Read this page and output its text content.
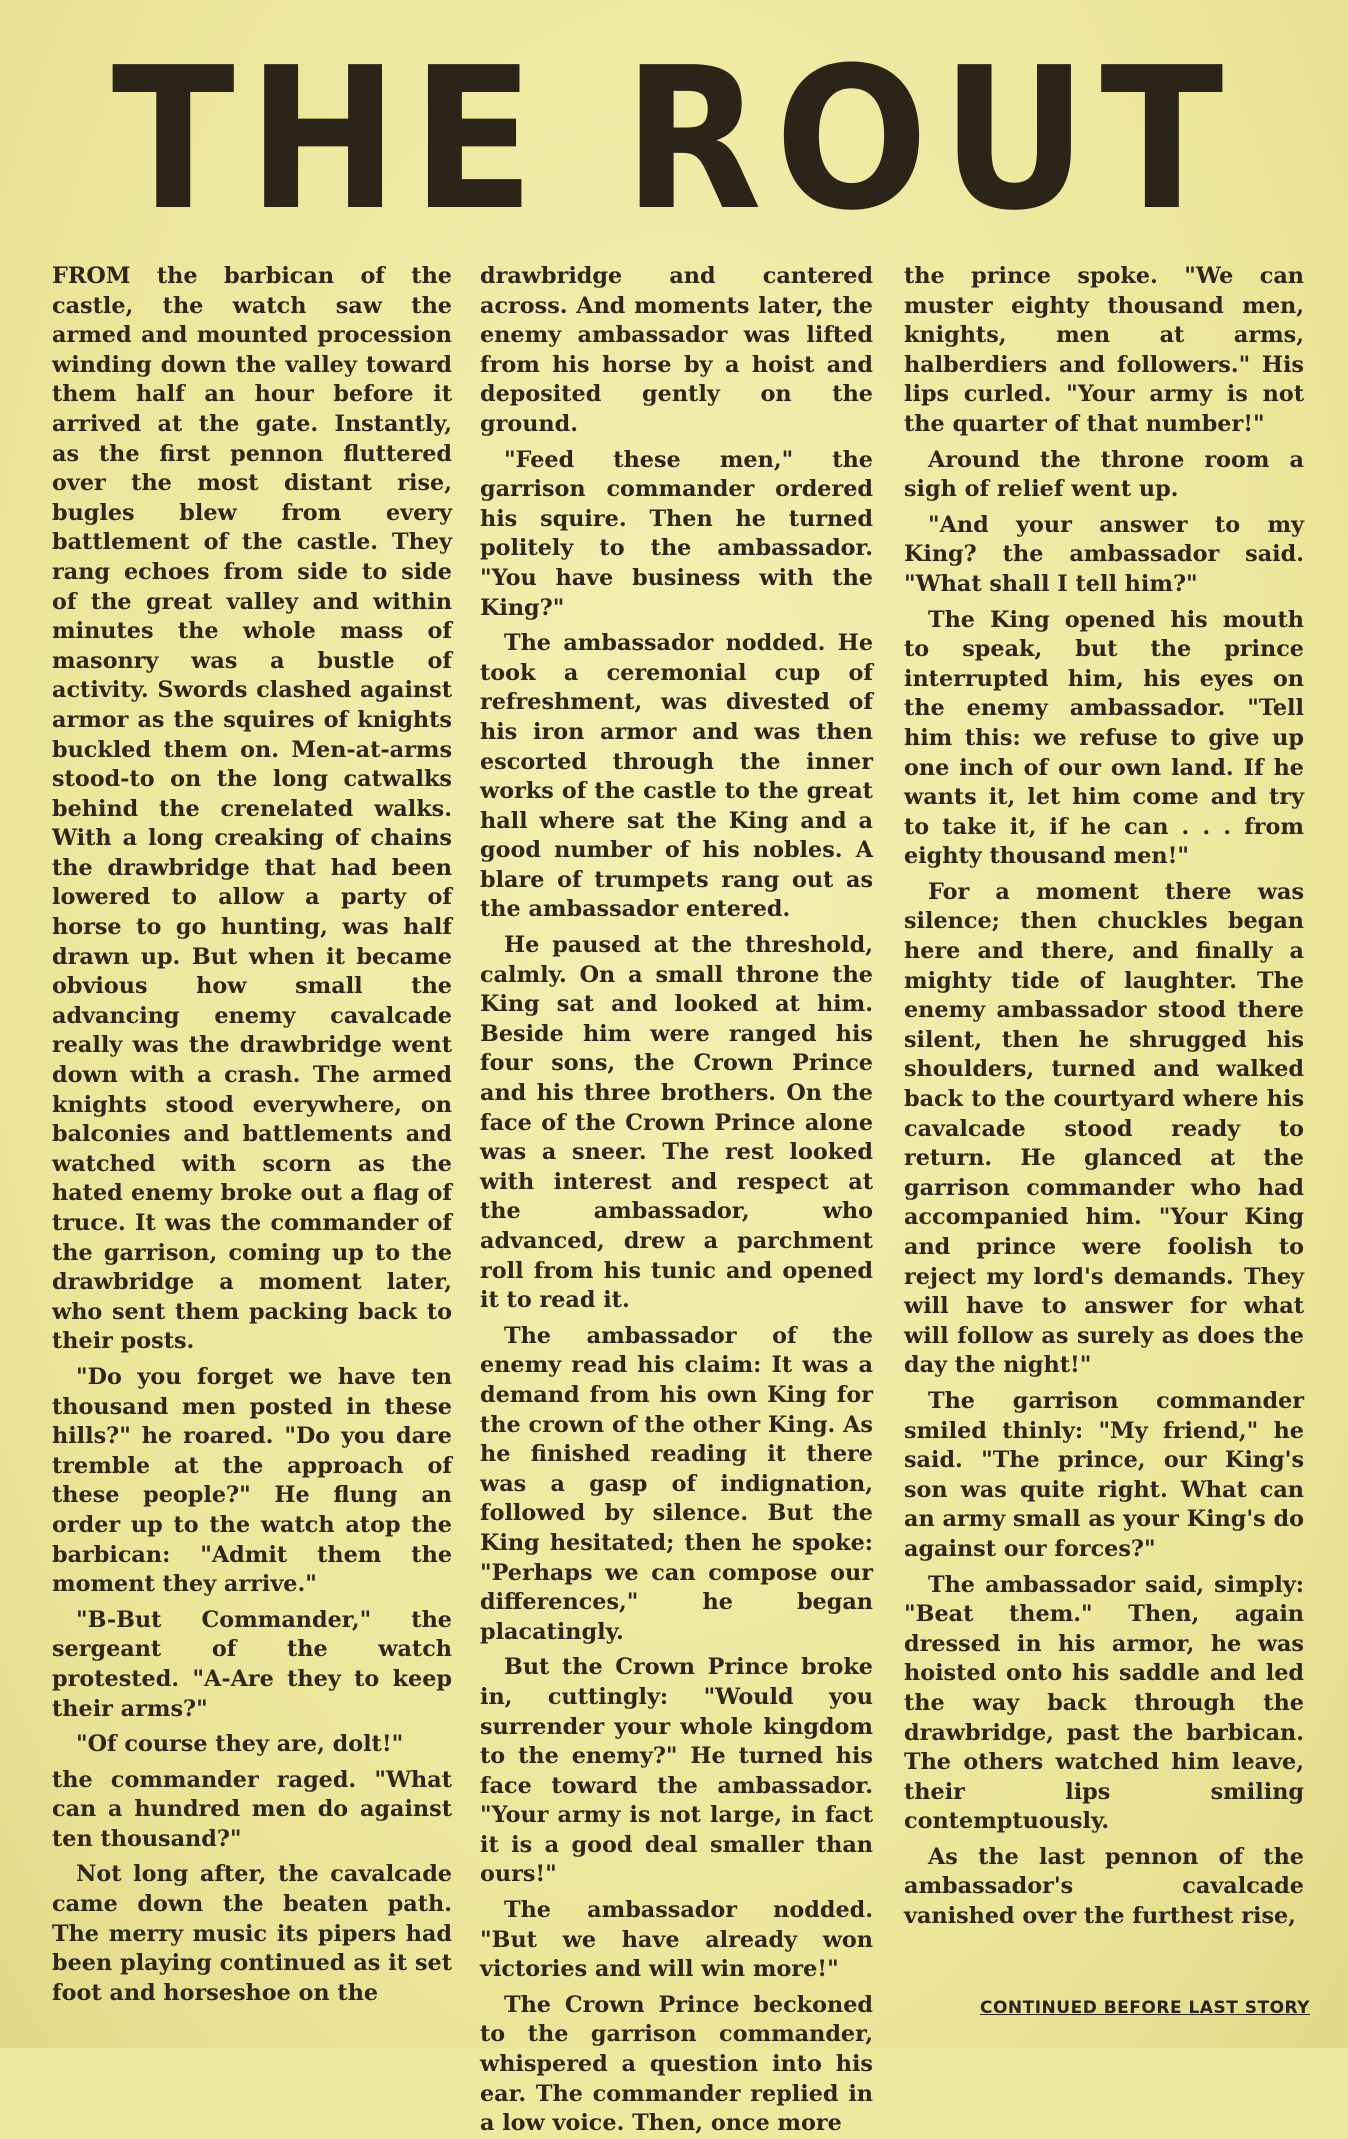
THE ROUT

FROM the barbican of the castle, the watch saw the armed and mounted procession winding down the valley toward them half an hour before it arrived at the gate. Instantly, as the first pennon fluttered over the most distant rise, bugles blew from every battlement of the castle. They rang echoes from side to side of the great valley and within minutes the whole mass of masonry was a bustle of activity. Swords clashed against armor as the squires of knights buckled them on. Men-at-arms stood-to on the long catwalks behind the crenelated walks. With a long creaking of chains the drawbridge that had been lowered to allow a party of horse to go hunting, was half drawn up. But when it became obvious how small the advancing enemy cavalcade really was the drawbridge went down with a crash. The armed knights stood everywhere, on balconies and battlements and watched with scorn as the hated enemy broke out a flag of truce. It was the commander of the garrison, coming up to the drawbridge a moment later, who sent them packing back to their posts.

"Do you forget we have ten thousand men posted in these hills?" he roared. "Do you dare tremble at the approach of these people?" He flung an order up to the watch atop the barbican: "Admit them the moment they arrive."

"B-But Commander," the sergeant of the watch protested. "A-Are they to keep their arms?"

"Of course they are, dolt!"

the commander raged. "What can a hundred men do against ten thousand?"

Not long after, the cavalcade came down the beaten path. The merry music its pipers had been playing continued as it set foot and horseshoe on the

drawbridge and cantered across. And moments later, the enemy ambassador was lifted from his horse by a hoist and deposited gently on the ground.

"Feed these men," the garrison commander ordered his squire. Then he turned politely to the ambassador. "You have business with the King?"

The ambassador nodded. He took a ceremonial cup of refreshment, was divested of his iron armor and was then escorted through the inner works of the castle to the great hall where sat the King and a good number of his nobles. A blare of trumpets rang out as the ambassador entered.

He paused at the threshold, calmly. On a small throne the King sat and looked at him. Beside him were ranged his four sons, the Crown Prince and his three brothers. On the face of the Crown Prince alone was a sneer. The rest looked with interest and respect at the ambassador, who advanced, drew a parchment roll from his tunic and opened it to read it.

The ambassador of the enemy read his claim: It was a demand from his own King for the crown of the other King. As he finished reading it there was a gasp of indignation, followed by silence. But the King hesitated; then he spoke: "Perhaps we can compose our differences," he began placatingly.

But the Crown Prince broke in, cuttingly: "Would you surrender your whole kingdom to the enemy?" He turned his face toward the ambassador. "Your army is not large, in fact it is a good deal smaller than ours!"

The ambassador nodded. "But we have already won victories and will win more!"

The Crown Prince beckoned to the garrison commander, whispered a question into his ear. The commander replied in a low voice. Then, once more

the prince spoke. "We can muster eighty thousand men, knights, men at arms, halberdiers and followers." His lips curled. "Your army is not the quarter of that number!"

Around the throne room a sigh of relief went up.

"And your answer to my King? the ambassador said. "What shall I tell him?"

The King opened his mouth to speak, but the prince interrupted him, his eyes on the enemy ambassador. "Tell him this: we refuse to give up one inch of our own land. If he wants it, let him come and try to take it, if he can . . . from eighty thousand men!"

For a moment there was silence; then chuckles began here and there, and finally a mighty tide of laughter. The enemy ambassador stood there silent, then he shrugged his shoulders, turned and walked back to the courtyard where his cavalcade stood ready to return. He glanced at the garrison commander who had accompanied him. "Your King and prince were foolish to reject my lord's demands. They will have to answer for what will follow as surely as does the day the night!"

The garrison commander smiled thinly: "My friend," he said. "The prince, our King's son was quite right. What can an army small as your King's do against our forces?"

The ambassador said, simply: "Beat them." Then, again dressed in his armor, he was hoisted onto his saddle and led the way back through the drawbridge, past the barbican. The others watched him leave, their lips smiling contemptuously.

As the last pennon of the ambassador's cavalcade vanished over the furthest rise,

CONTINUED BEFORE LAST STORY
